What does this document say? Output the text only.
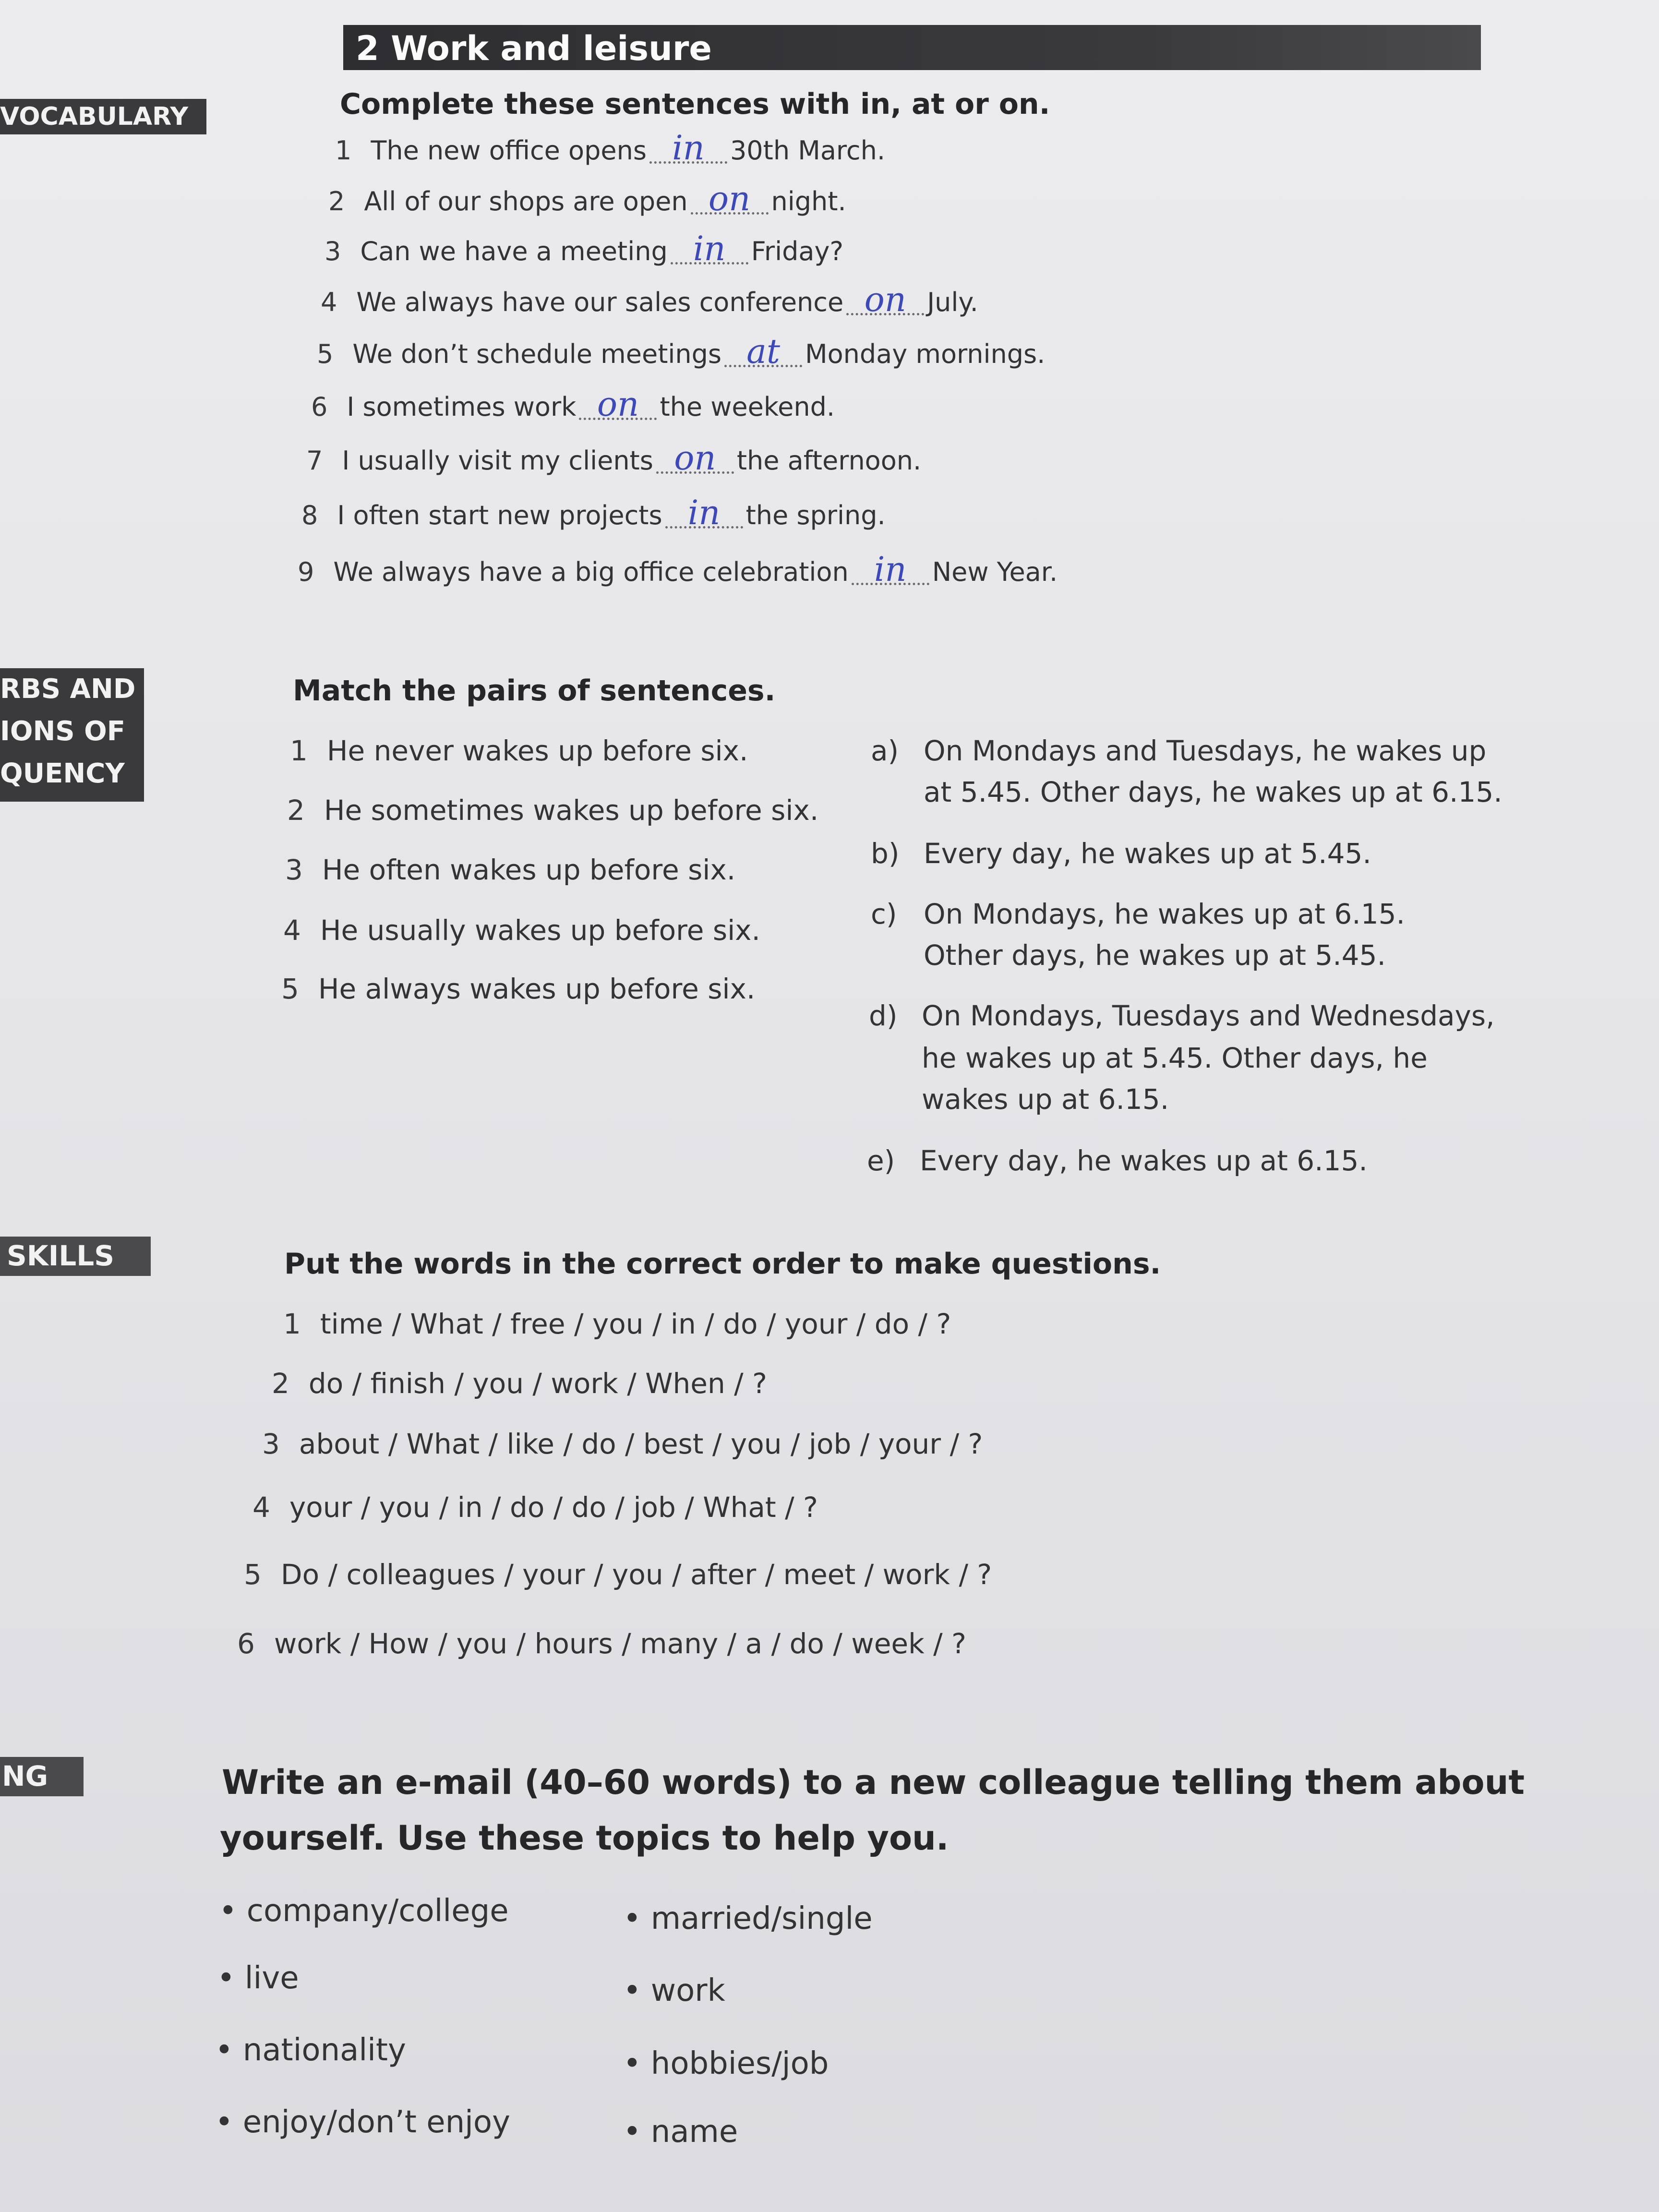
2 Work and leisure
VOCABULARY
RBS AND
IONS OF
QUENCY
SKILLS
NG
Complete these sentences with in, at or on.
1 The new office opens in 30th March.
2 All of our shops are open on night.
3 Can we have a meeting in Friday?
4 We always have our sales conference on July.
5 We don’t schedule meetings at Monday mornings.
6 I sometimes work on the weekend.
7 I usually visit my clients on the afternoon.
8 I often start new projects in the spring.
9 We always have a big office celebration in New Year.
Match the pairs of sentences.
1 He never wakes up before six.
2 He sometimes wakes up before six.
3 He often wakes up before six.
4 He usually wakes up before six.
5 He always wakes up before six.
a) On Mondays and Tuesdays, he wakes up
at 5.45. Other days, he wakes up at 6.15.
b) Every day, he wakes up at 5.45.
c) On Mondays, he wakes up at 6.15.
Other days, he wakes up at 5.45.
d) On Mondays, Tuesdays and Wednesdays,
he wakes up at 5.45. Other days, he
wakes up at 6.15.
e) Every day, he wakes up at 6.15.
Put the words in the correct order to make questions.
1 time / What / free / you / in / do / your / do / ?
2 do / finish / you / work / When / ?
3 about / What / like / do / best / you / job / your / ?
4 your / you / in / do / do / job / What / ?
5 Do / colleagues / your / you / after / meet / work / ?
6 work / How / you / hours / many / a / do / week / ?
Write an e-mail (40–60 words) to a new colleague telling them about
yourself. Use these topics to help you.
• company/college
• live
• nationality
• enjoy/don’t enjoy
• married/single
• work
• hobbies/job
• name
